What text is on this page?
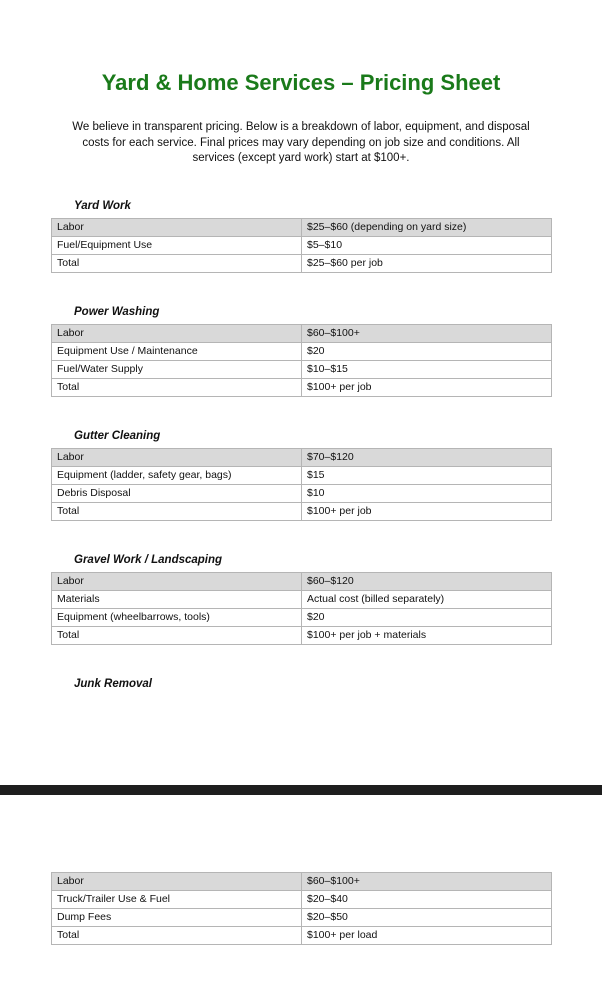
Yard & Home Services – Pricing Sheet

We believe in transparent pricing. Below is a breakdown of labor, equipment, and disposal costs for each service. Final prices may vary depending on job size and conditions. All services (except yard work) start at $100+.

Yard Work
Labor	$25–$60 (depending on yard size)
Fuel/Equipment Use	$5–$10
Total	$25–$60 per job
Power Washing
Labor	$60–$100+
Equipment Use / Maintenance	$20
Fuel/Water Supply	$10–$15
Total	$100+ per job
Gutter Cleaning
Labor	$70–$120
Equipment (ladder, safety gear, bags)	$15
Debris Disposal	$10
Total	$100+ per job
Gravel Work / Landscaping
Labor	$60–$120
Materials	Actual cost (billed separately)
Equipment (wheelbarrows, tools)	$20
Total	$100+ per job + materials
Junk Removal
Labor	$60–$100+
Truck/Trailer Use & Fuel	$20–$40
Dump Fees	$20–$50
Total	$100+ per load
